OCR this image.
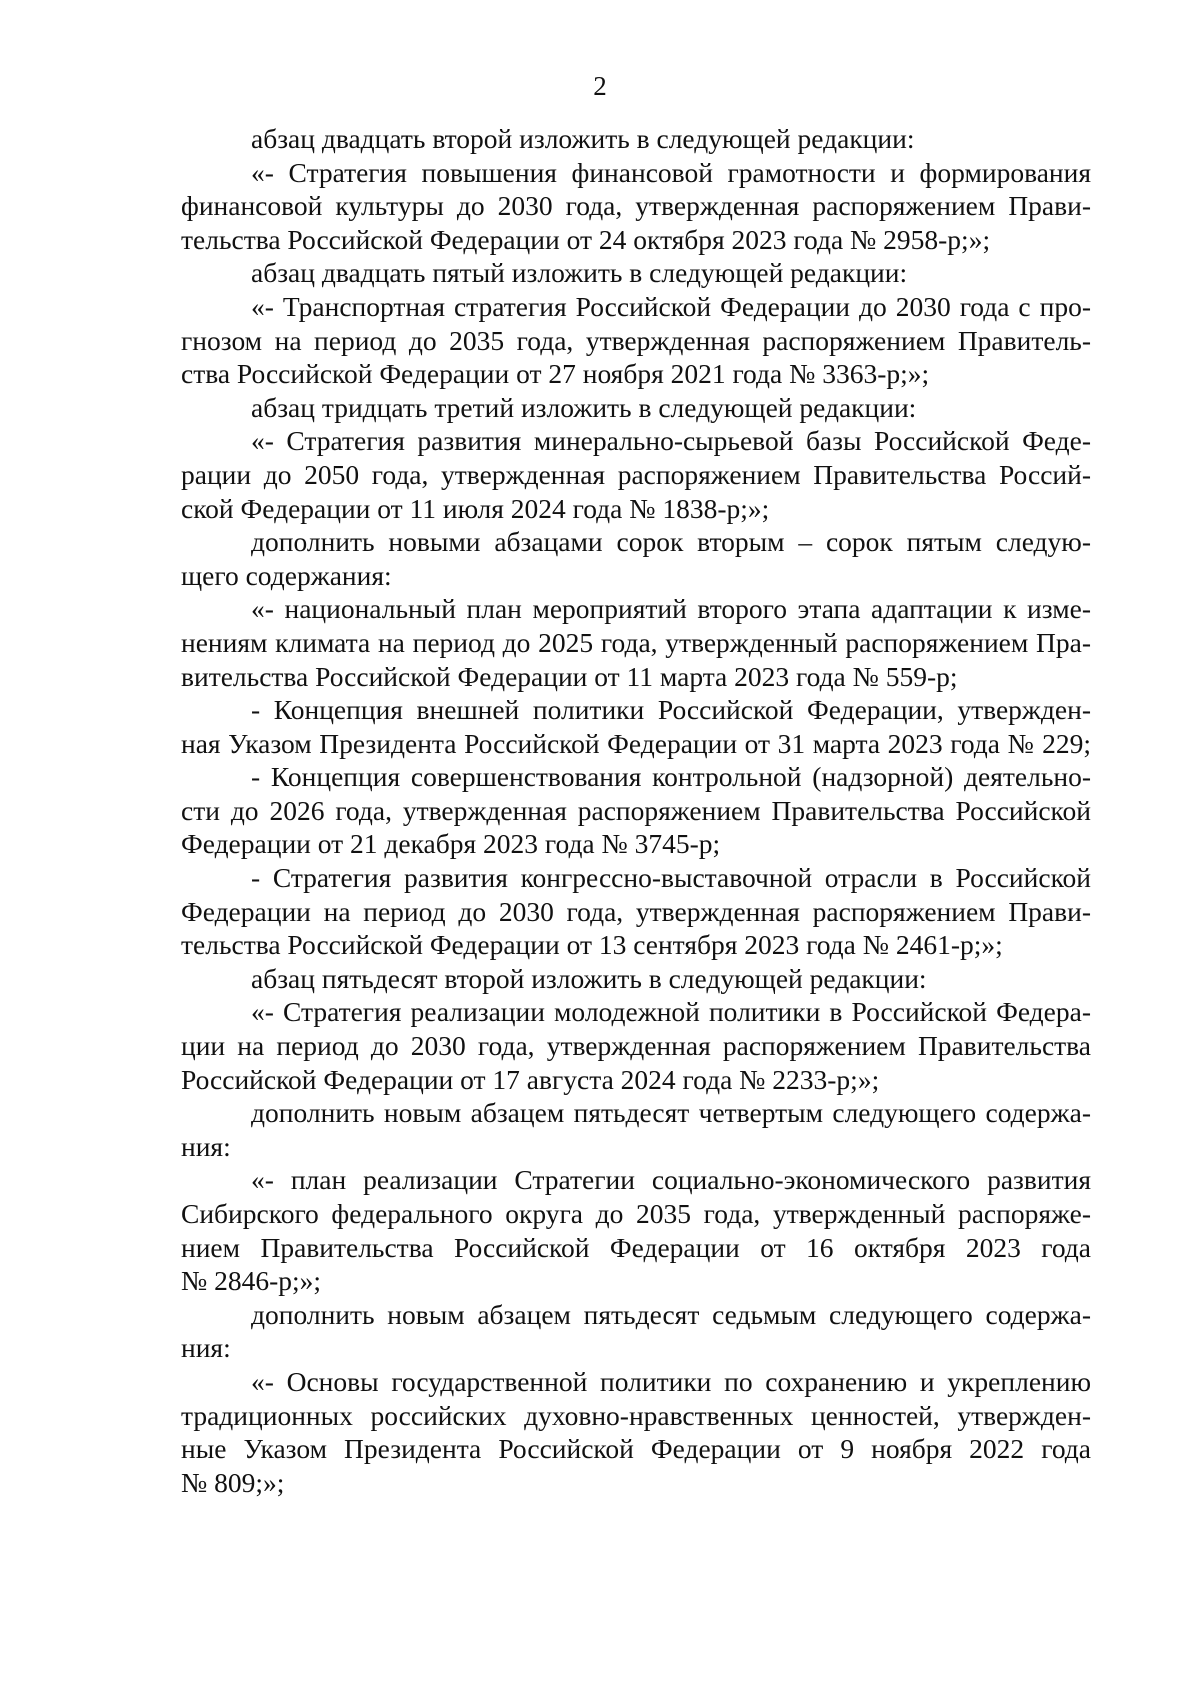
2

абзац двадцать второй изложить в следующей редакции:

«- Стратегия повышения финансовой грамотности и формирования
финансовой культуры до 2030 года, утвержденная распоряжением Прави-
тельства Российской Федерации от 24 октября 2023 года № 2958-р;»;

абзац двадцать пятый изложить в следующей редакции:

«- Транспортная стратегия Российской Федерации до 2030 года с про-
гнозом на период до 2035 года, утвержденная распоряжением Правитель-
ства Российской Федерации от 27 ноября 2021 года № 3363-р;»;

абзац тридцать третий изложить в следующей редакции:

«- Стратегия развития минерально-сырьевой базы Российской Феде-
рации до 2050 года, утвержденная распоряжением Правительства Россий-
ской Федерации от 11 июля 2024 года № 1838-р;»;

дополнить новыми абзацами сорок вторым – сорок пятым следую-
щего содержания:

«- национальный план мероприятий второго этапа адаптации к изме-
нениям климата на период до 2025 года, утвержденный распоряжением Пра-
вительства Российской Федерации от 11 марта 2023 года № 559-р;

- Концепция внешней политики Российской Федерации, утвержден-
ная Указом Президента Российской Федерации от 31 марта 2023 года № 229;

- Концепция совершенствования контрольной (надзорной) деятельно-
сти до 2026 года, утвержденная распоряжением Правительства Российской
Федерации от 21 декабря 2023 года № 3745-р;

- Стратегия развития конгрессно-выставочной отрасли в Российской
Федерации на период до 2030 года, утвержденная распоряжением Прави-
тельства Российской Федерации от 13 сентября 2023 года № 2461-р;»;

абзац пятьдесят второй изложить в следующей редакции:

«- Стратегия реализации молодежной политики в Российской Федера-
ции на период до 2030 года, утвержденная распоряжением Правительства
Российской Федерации от 17 августа 2024 года № 2233-р;»;

дополнить новым абзацем пятьдесят четвертым следующего содержа-
ния:

«- план реализации Стратегии социально-экономического развития
Сибирского федерального округа до 2035 года, утвержденный распоряже-
нием Правительства Российской Федерации от 16 октября 2023 года
№ 2846-р;»;

дополнить новым абзацем пятьдесят седьмым следующего содержа-
ния:

«- Основы государственной политики по сохранению и укреплению
традиционных российских духовно-нравственных ценностей, утвержден-
ные Указом Президента Российской Федерации от 9 ноября 2022 года
№ 809;»;
